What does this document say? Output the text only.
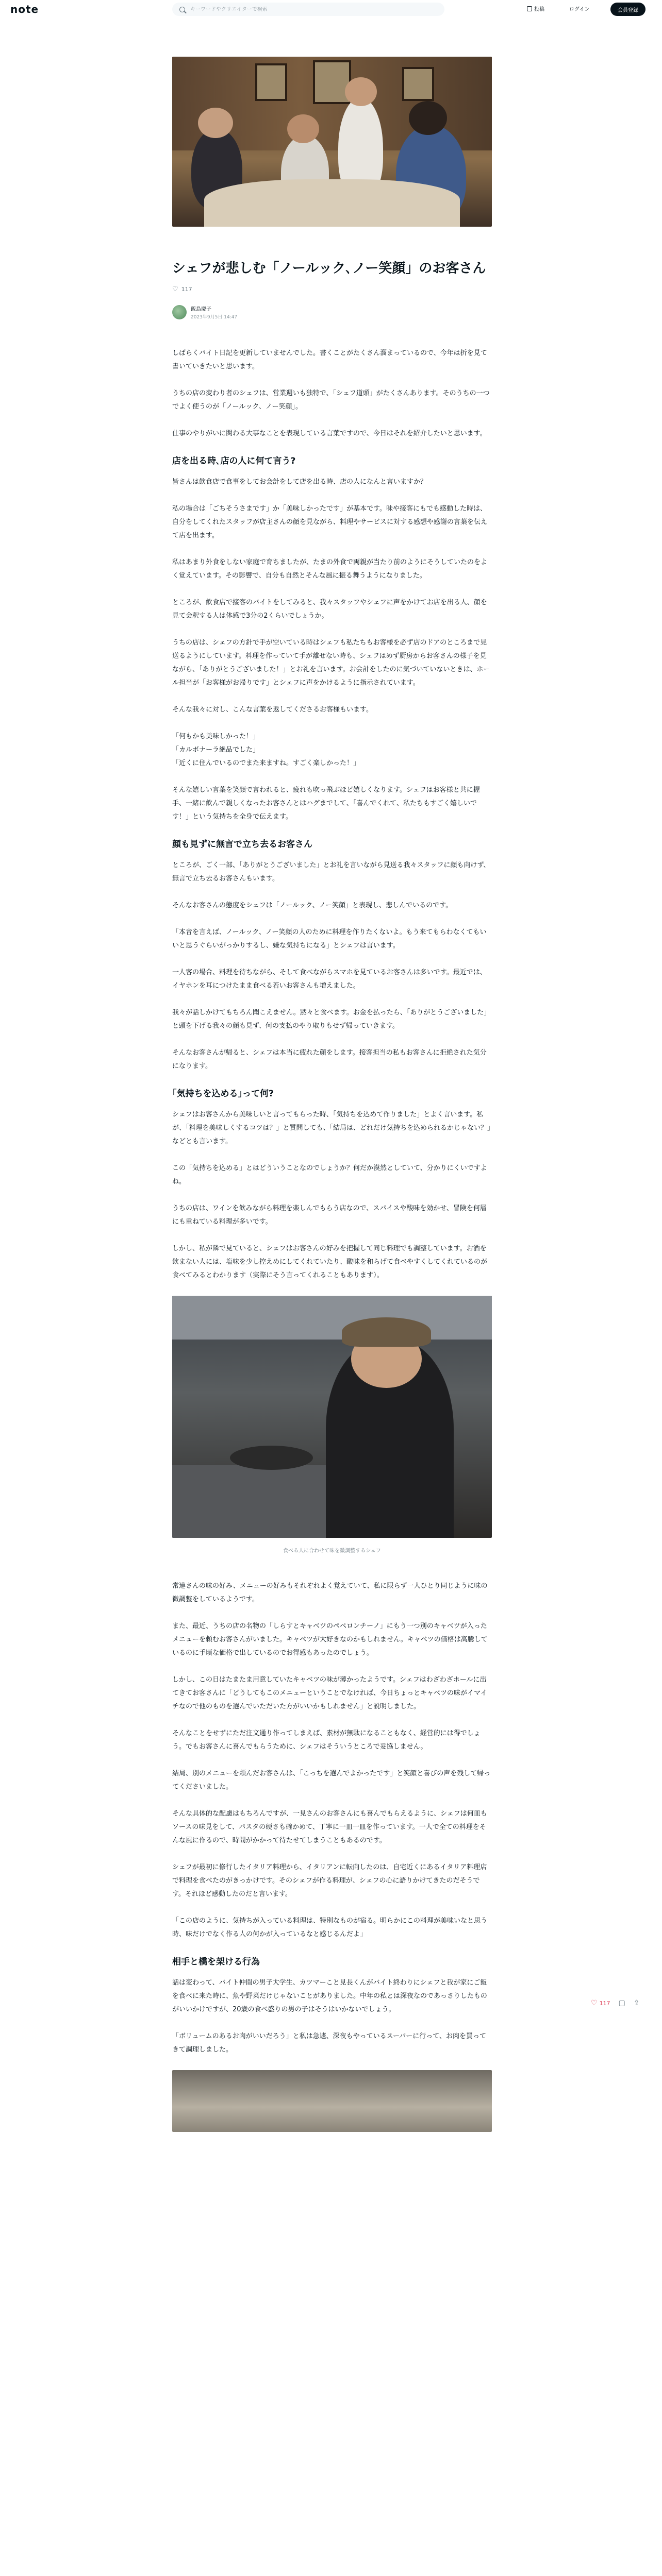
note
キーワードやクリエイターで検索	投稿	ログイン	会員登録
シェフが悲しむ「ノールック､ノー笑顔」のお客さん
♡ 117
飯島慶子
2023年9月5日 14:47

しばらくバイト日記を更新していませんでした。書くことがたくさん溜まっているので、今年は折を見て書いていきたいと思います。

うちの店の変わり者のシェフは、営業週いも独特で、「シェフ道頭」がたくさんあります。そのうちの一つでよく使うのが「ノールック、ノー笑顔」。

仕事のやりがいに関わる大事なことを表現している言葉ですので、今日はそれを紹介したいと思います。

店を出る時､店の人に何て言う?

皆さんは飲食店で食事をしてお会計をして店を出る時、店の人になんと言いますか？

私の場合は「ごちそうさまです」か「美味しかったです」が基本です。味や接客にもでも感動した時は、自分をしてくれたスタッフが店主さんの顔を見ながら、料理やサービスに対する感想や感謝の言葉を伝えて店を出ます。

私はあまり外食をしない家庭で育ちましたが、たまの外食で両親が当たり前のようにそうしていたのをよく覚えています。その影響で、自分も自然とそんな風に振る舞うようになりました。

ところが、飲食店で接客のバイトをしてみると、我々スタッフやシェフに声をかけてお店を出る人、顔を見て会釈する人は体感で3分の2くらいでしょうか。

うちの店は、シェフの方針で手が空いている時はシェフも私たちもお客様を必ず店のドアのところまで見送るようにしています。料理を作っていて手が離せない時も、シェフはめず厨房からお客さんの様子を見ながら、「ありがとうございました！」とお礼を言います。お会計をしたのに気づいていないときは、ホール担当が「お客様がお帰りです」とシェフに声をかけるように指示されています。

そんな我々に対し、こんな言葉を返してくださるお客様もいます。

「何もかも美味しかった！」
「カルボナーラ絶品でした」
「近くに住んでいるのでまた来ますね。すごく楽しかった！」

そんな嬉しい言葉を笑顔で言われると、疲れも吹っ飛ぶほど嬉しくなります。シェフはお客様と共に握手、一緒に飲んで親しくなったお客さんとはハグまでして、「喜んでくれて、私たちもすごく嬉しいです！」という気持ちを全身で伝えます。

顔も見ずに無言で立ち去るお客さん

ところが、ごく一部、「ありがとうございました」とお礼を言いながら見送る我々スタッフに顔も向けず、無言で立ち去るお客さんもいます。

そんなお客さんの態度をシェフは「ノールック、ノー笑顔」と表現し、悲しんでいるのです。

「本音を言えば、ノールック、ノー笑顔の人のために料理を作りたくないよ。もう来てもらわなくてもいいと思うぐらいがっかりするし、嫌な気持ちになる」とシェフは言います。

一人客の場合、料理を待ちながら、そして食べながらスマホを見ているお客さんは多いです。最近では、イヤホンを耳につけたまま食べる若いお客さんも増えました。

我々が話しかけてもちろん聞こえません。黙々と食べます。お金を払ったら、「ありがとうございました」と頭を下げる我々の顔も見ず、何の支払のやり取りもせず帰っていきます。

そんなお客さんが帰ると、シェフは本当に疲れた顔をします。接客担当の私もお客さんに拒絶された気分になります。

｢気持ちを込める｣って何?

シェフはお客さんから美味しいと言ってもらった時、「気持ちを込めて作りました」とよく言います。私が、「料理を美味しくするコツは？」と質問しても、「結局は、どれだけ気持ちを込められるかじゃない？」などとも言います。

この「気持ちを込める」とはどういうことなのでしょうか？何だか漠然としていて、分かりにくいですよね。

うちの店は、ワインを飲みながら料理を楽しんでもらう店なので、スパイスや酸味を効かせ、冒険を何層にも重ねている料理が多いです。

しかし、私が隣で見ていると、シェフはお客さんの好みを把握して同じ料理でも調整しています。お酒を飲まない人には、塩味を少し控えめにしてくれていたり、酸味を和らげて食べやすくしてくれているのが食べてみるとわかります（実際にそう言ってくれることもあります）。

食べる人に合わせて味を微調整するシェフ

常連さんの味の好み、メニューの好みもそれぞれよく覚えていて、私に限らず一人ひとり同じように味の微調整をしているようです。

また、最近、うちの店の名物の「しらすとキャベツのペペロンチーノ」にもう一つ別のキャベツが入ったメニューを頼むお客さんがいました。キャベツが大好きなのかもしれません。キャベツの価格は高騰しているのに手頃な価格で出しているのでお得感もあったのでしょう。

しかし、この日はたまたま用意していたキャベツの味が薄かったようです。シェフはわざわざホールに出てきてお客さんに「どうしてもこのメニューということでなければ、今日ちょっとキャベツの味がイマイチなので他のものを選んでいただいた方がいいかもしれません」と説明しました。

そんなことをせずにただ注文通り作ってしまえば、素材が無駄になることもなく、経営的には得でしょう。でもお客さんに喜んでもらうために、シェフはそういうところで妥協しません。

結局、別のメニューを頼んだお客さんは、「こっちを選んでよかったです」と笑顔と喜びの声を残して帰ってくださいました。

そんな具体的な配慮はもちろんですが、一見さんのお客さんにも喜んでもらえるように、シェフは何皿もソースの味見をして、パスタの硬さも確かめて、丁寧に一皿一皿を作っています。一人で全ての料理をそんな風に作るので、時間がかかって待たせてしまうこともあるのです。

シェフが最初に修行したイタリア料理から、イタリアンに転向したのは、自宅近くにあるイタリア料理店で料理を食べたのがきっかけです。そのシェフが作る料理が、シェフの心に語りかけてきたのだそうです。それほど感動したのだと言います。

「この店のように、気持ちが入っている料理は、特別なものが宿る。明らかにこの料理が美味いなと思う時、味だけでなく作る人の何かが入っているなと感じるんだよ」

相手と橋を架ける行為

話は変わって、バイト仲間の男子大学生、カツマーこと見長くんがバイト終わりにシェフと我が家にご飯を食べに来た時に、魚や野菜だけじゃないことがありました。中年の私とは深夜なのであっさりしたものがいいかけですが、20歳の食べ盛りの男の子はそうはいかないでしょう。

「ボリュームのあるお肉がいいだろう」と私は急遽、深夜もやっているスーパーに行って、お肉を買ってきて調理しました。

♡ 117 ▢ ⇪
